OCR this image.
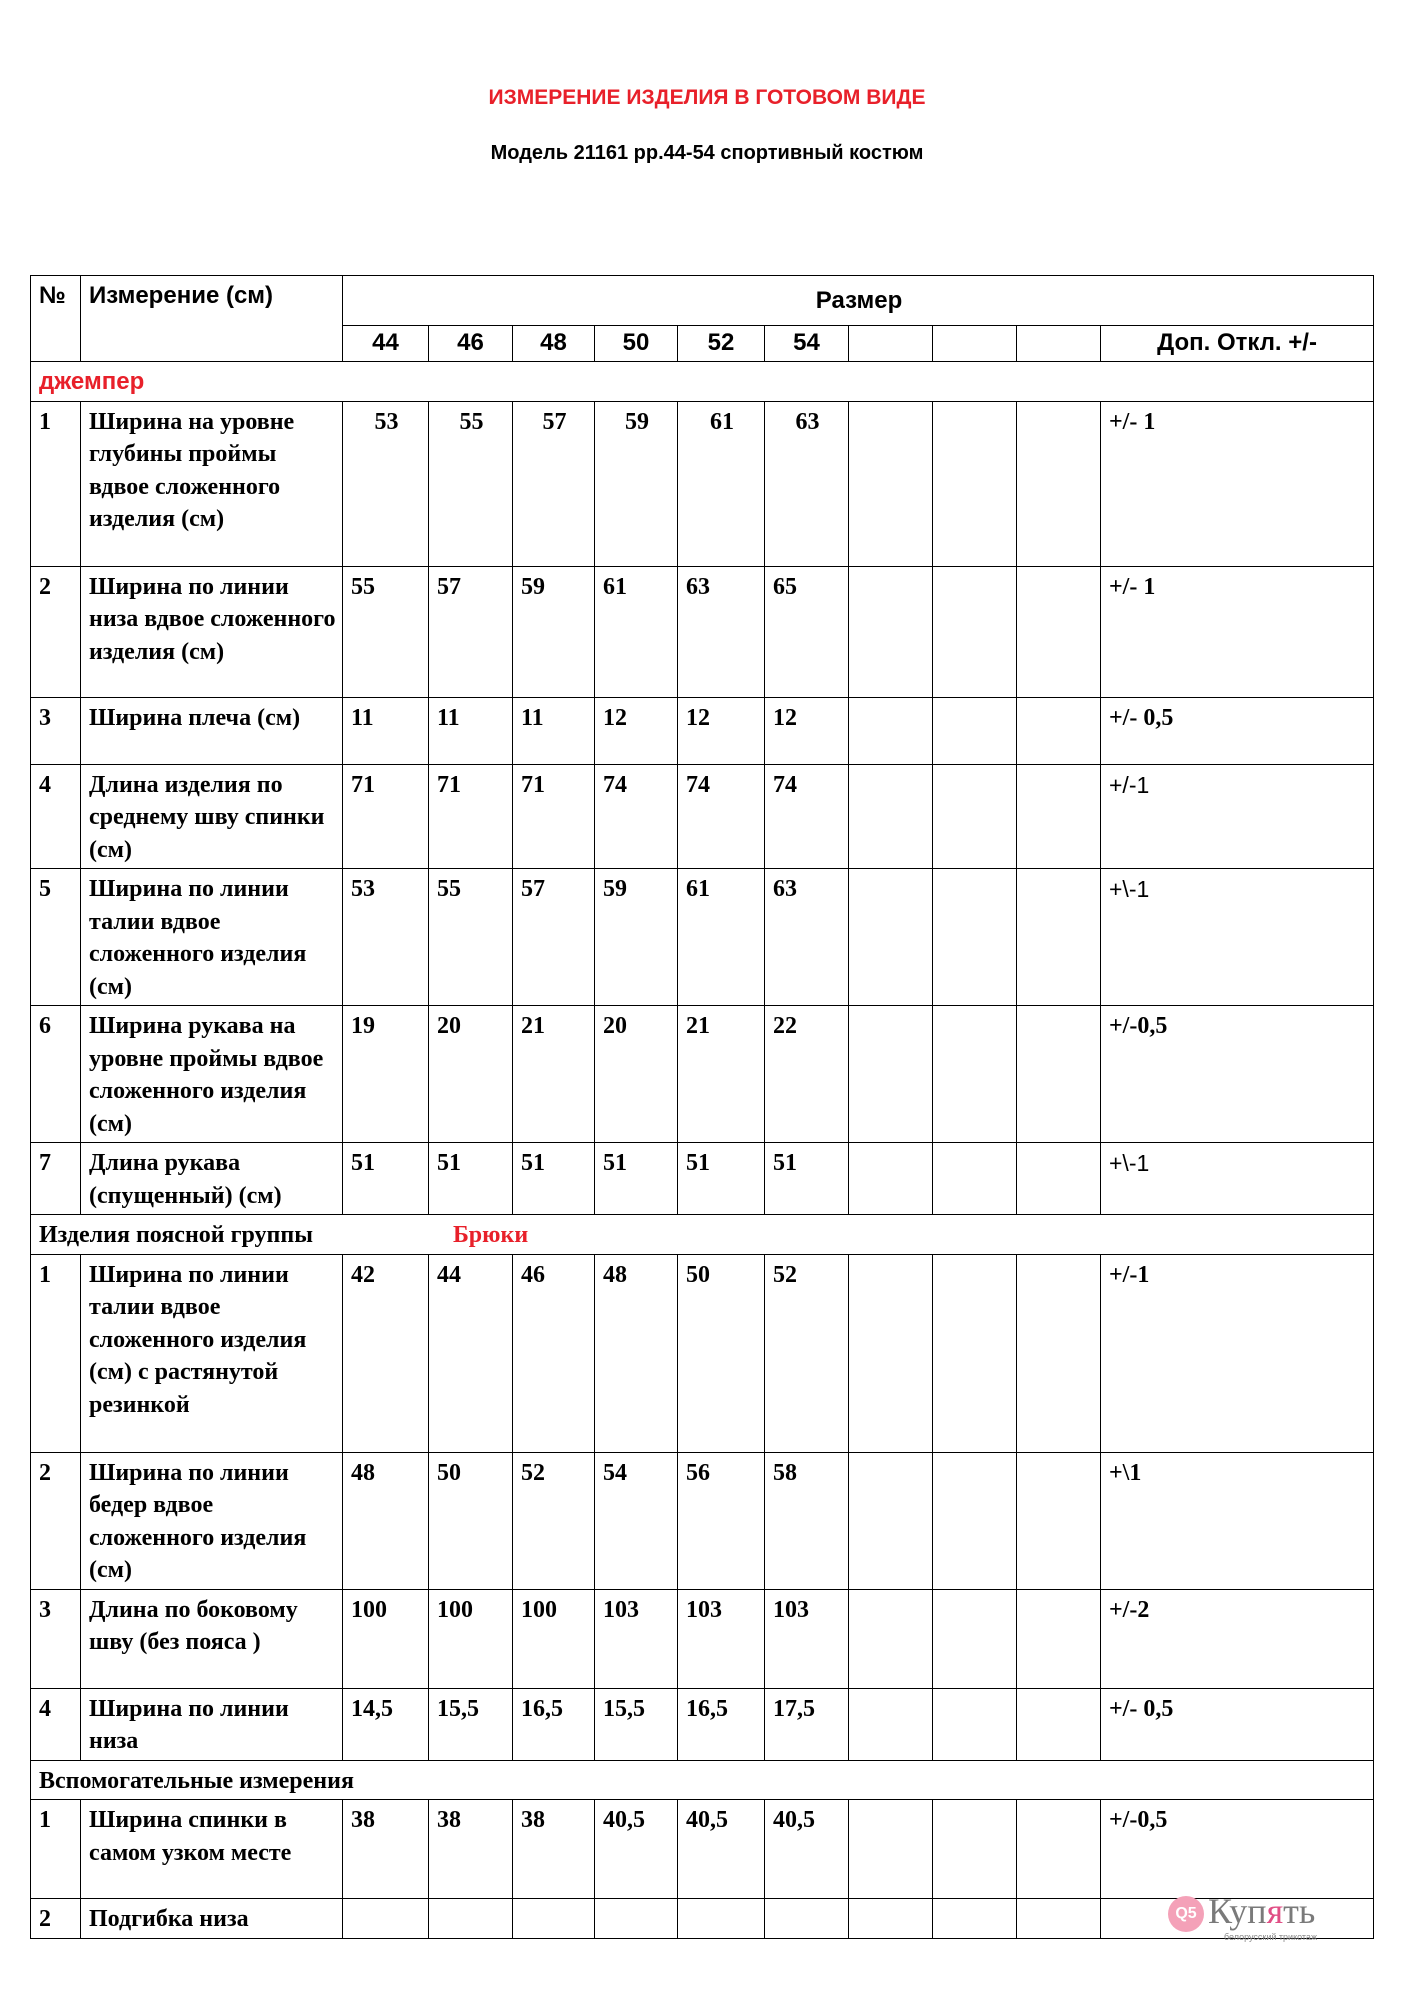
ИЗМЕРЕНИЕ ИЗДЕЛИЯ В ГОТОВОМ ВИДЕ
Модель 21161 рр.44-54 спортивный костюм
№	Измерение (см)	Размер									
		44	46	48	50	52	54				Доп. Откл. +/-
джемпер											
1	Ширина на уровне глубины проймы вдвое сложенного изделия (см)	53	55	57	59	61	63				+/- 1
2	Ширина по линии низа вдвое сложенного изделия (см)	55	57	59	61	63	65				+/- 1
3	Ширина плеча (см)	11	11	11	12	12	12				+/- 0,5
4	Длина изделия по среднему шву спинки (см)	71	71	71	74	74	74				+/-1
5	Ширина по линии талии вдвое сложенного изделия (см)	53	55	57	59	61	63				+\-1
6	Ширина рукава на уровне проймы вдвое сложенного изделия (см)	19	20	21	20	21	22				+/-0,5
7	Длина рукава (спущенный) (см)	51	51	51	51	51	51				+\-1
Изделия поясной группы Брюки											
1	Ширина по линии талии вдвое сложенного изделия (см) с растянутой резинкой	42	44	46	48	50	52				+/-1
2	Ширина по линии бедер вдвое сложенного изделия (см)	48	50	52	54	56	58				+\1
3	Длина по боковому шву (без пояса )	100	100	100	103	103	103				+/-2
4	Ширина по линии низа	14,5	15,5	16,5	15,5	16,5	17,5				+/- 0,5
Вспомогательные измерения											
1	Ширина спинки в самом узком месте	38	38	38	40,5	40,5	40,5				+/-0,5
2	Подгибка низа											Q5 Купять
белорусский трикотаж
